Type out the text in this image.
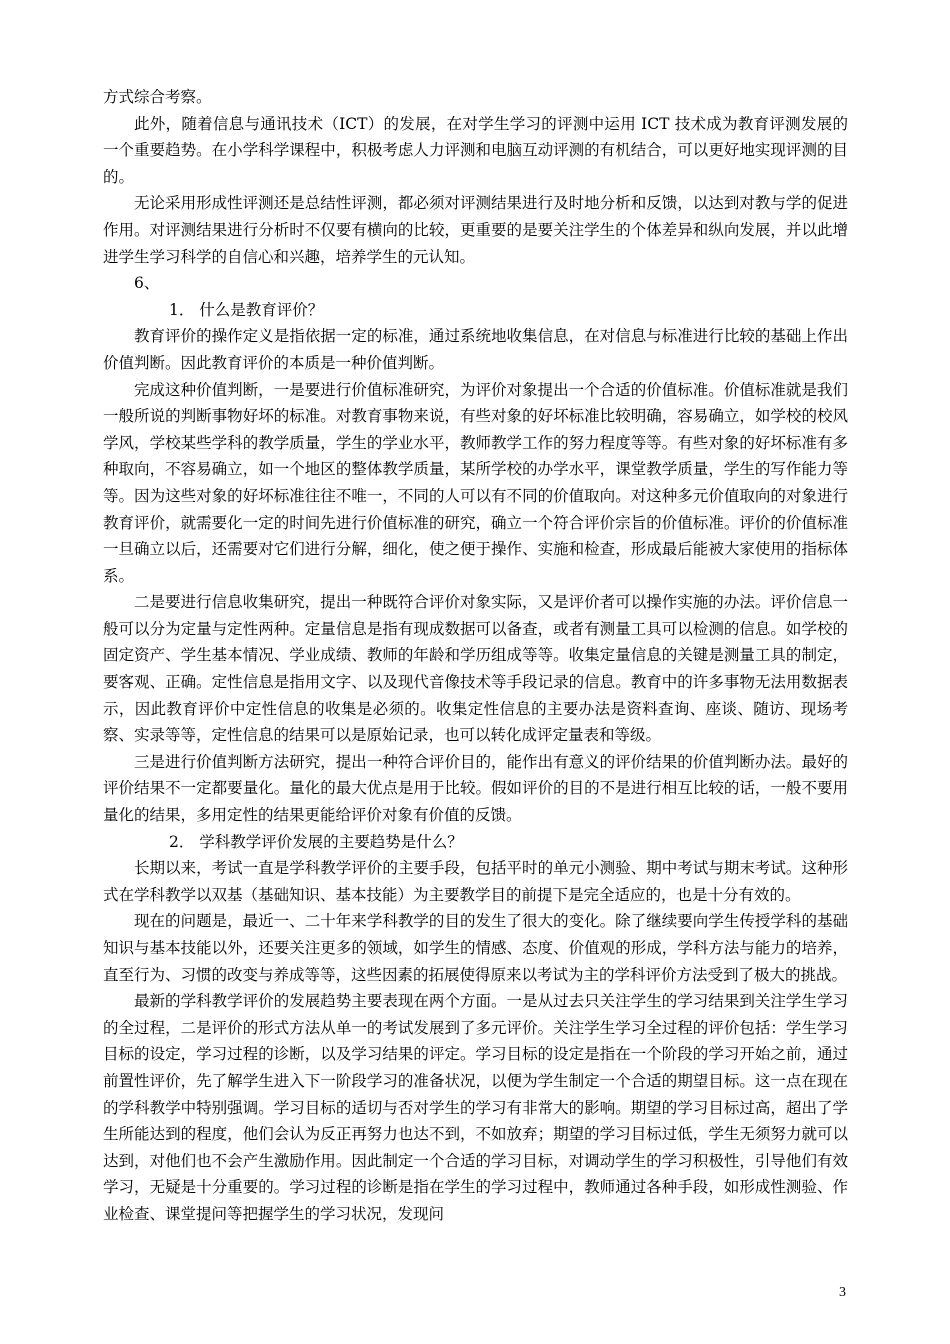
方式综合考察。

此外，随着信息与通讯技术（ICT）的发展，在对学生学习的评测中运用 ICT 技术成为教育评测发展的一个重要趋势。在小学科学课程中，积极考虑人力评测和电脑互动评测的有机结合，可以更好地实现评测的目的。

无论采用形成性评测还是总结性评测，都必须对评测结果进行及时地分析和反馈，以达到对教与学的促进作用。对评测结果进行分析时不仅要有横向的比较，更重要的是要关注学生的个体差异和纵向发展，并以此增进学生学习科学的自信心和兴趣，培养学生的元认知。

6、

1． 什么是教育评价？

教育评价的操作定义是指依据一定的标准，通过系统地收集信息，在对信息与标准进行比较的基础上作出价值判断。因此教育评价的本质是一种价值判断。

完成这种价值判断，一是要进行价值标准研究，为评价对象提出一个合适的价值标准。价值标准就是我们一般所说的判断事物好坏的标准。对教育事物来说，有些对象的好坏标准比较明确，容易确立，如学校的校风学风，学校某些学科的教学质量，学生的学业水平，教师教学工作的努力程度等等。有些对象的好坏标准有多种取向，不容易确立，如一个地区的整体教学质量，某所学校的办学水平，课堂教学质量，学生的写作能力等等。因为这些对象的好坏标准往往不唯一，不同的人可以有不同的价值取向。对这种多元价值取向的对象进行教育评价，就需要化一定的时间先进行价值标准的研究，确立一个符合评价宗旨的价值标准。评价的价值标准一旦确立以后，还需要对它们进行分解，细化，使之便于操作、实施和检查，形成最后能被大家使用的指标体系。

二是要进行信息收集研究，提出一种既符合评价对象实际，又是评价者可以操作实施的办法。评价信息一般可以分为定量与定性两种。定量信息是指有现成数据可以备查，或者有测量工具可以检测的信息。如学校的固定资产、学生基本情况、学业成绩、教师的年龄和学历组成等等。收集定量信息的关键是测量工具的制定，要客观、正确。定性信息是指用文字、以及现代音像技术等手段记录的信息。教育中的许多事物无法用数据表示，因此教育评价中定性信息的收集是必须的。收集定性信息的主要办法是资料查询、座谈、随访、现场考察、实录等等，定性信息的结果可以是原始记录，也可以转化成评定量表和等级。

三是进行价值判断方法研究，提出一种符合评价目的，能作出有意义的评价结果的价值判断办法。最好的评价结果不一定都要量化。量化的最大优点是用于比较。假如评价的目的不是进行相互比较的话，一般不要用量化的结果，多用定性的结果更能给评价对象有价值的反馈。

2． 学科教学评价发展的主要趋势是什么？

长期以来，考试一直是学科教学评价的主要手段，包括平时的单元小测验、期中考试与期末考试。这种形式在学科教学以双基（基础知识、基本技能）为主要教学目的前提下是完全适应的，也是十分有效的。

现在的问题是，最近一、二十年来学科教学的目的发生了很大的变化。除了继续要向学生传授学科的基础知识与基本技能以外，还要关注更多的领域，如学生的情感、态度、价值观的形成，学科方法与能力的培养，直至行为、习惯的改变与养成等等，这些因素的拓展使得原来以考试为主的学科评价方法受到了极大的挑战。

最新的学科教学评价的发展趋势主要表现在两个方面。一是从过去只关注学生的学习结果到关注学生学习的全过程，二是评价的形式方法从单一的考试发展到了多元评价。关注学生学习全过程的评价包括：学生学习目标的设定，学习过程的诊断，以及学习结果的评定。学习目标的设定是指在一个阶段的学习开始之前，通过前置性评价，先了解学生进入下一阶段学习的准备状况，以便为学生制定一个合适的期望目标。这一点在现在的学科教学中特别强调。学习目标的适切与否对学生的学习有非常大的影响。期望的学习目标过高，超出了学生所能达到的程度，他们会认为反正再努力也达不到，不如放弃；期望的学习目标过低，学生无须努力就可以达到，对他们也不会产生激励作用。因此制定一个合适的学习目标，对调动学生的学习积极性，引导他们有效学习，无疑是十分重要的。学习过程的诊断是指在学生的学习过程中，教师通过各种手段，如形成性测验、作业检查、课堂提问等把握学生的学习状况，发现问

3
